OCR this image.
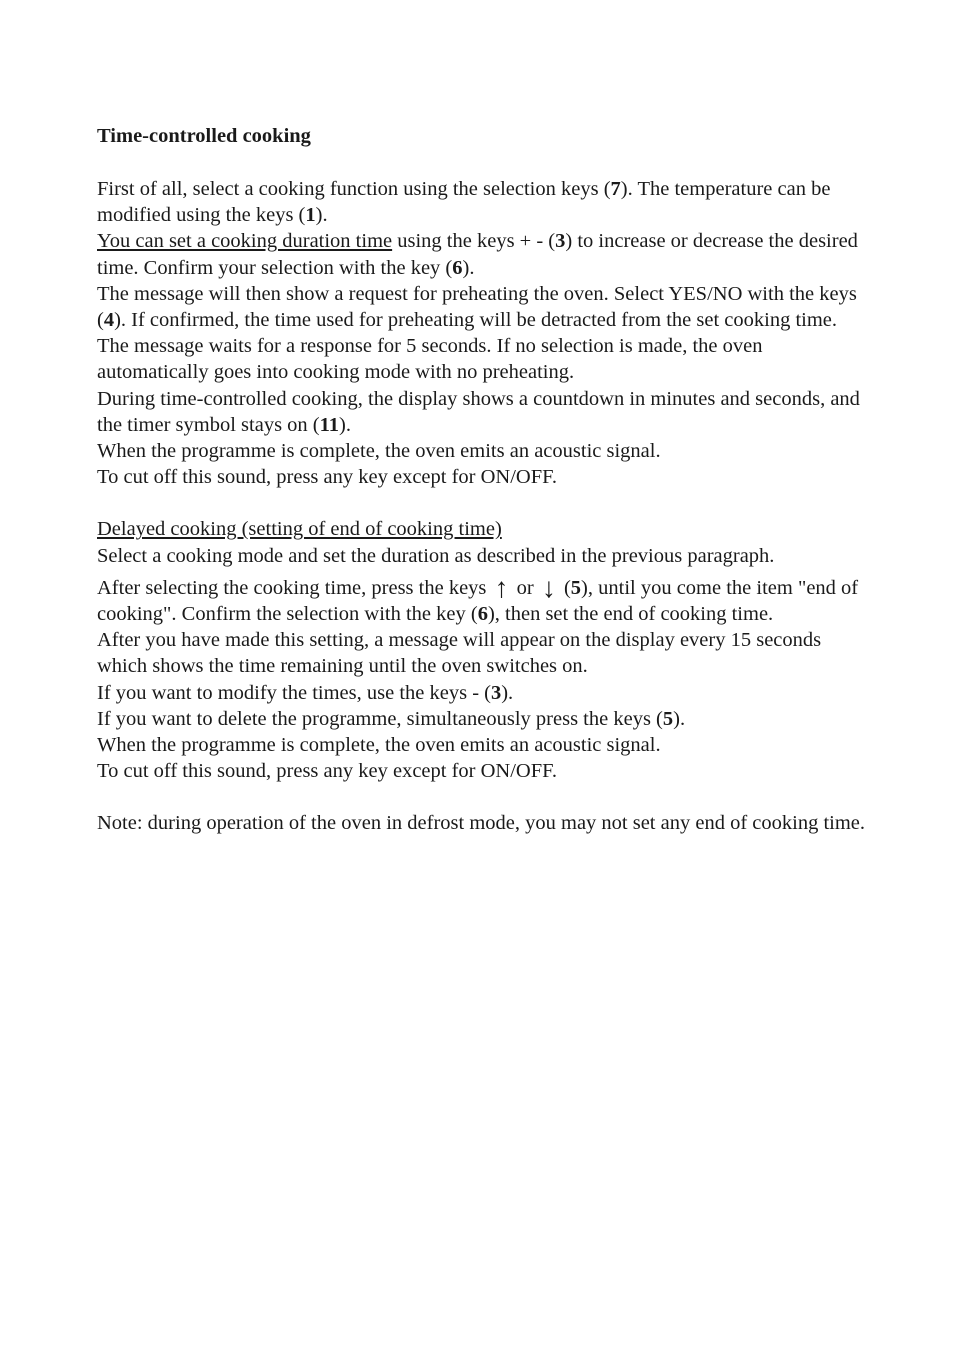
Time-controlled cooking

First of all, select a cooking function using the selection keys (7). The temperature can be modified using the keys (1).

You can set a cooking duration time using the keys + - (3) to increase or decrease the desired time. Confirm your selection with the key (6).

The message will then show a request for preheating the oven. Select YES/NO with the keys (4). If confirmed, the time used for preheating will be detracted from the set cooking time.

The message waits for a response for 5 seconds. If no selection is made, the oven automatically goes into cooking mode with no preheating.

During time-controlled cooking, the display shows a countdown in minutes and seconds, and the timer symbol stays on (11).

When the programme is complete, the oven emits an acoustic signal.

To cut off this sound, press any key except for ON/OFF.

Delayed cooking (setting of end of cooking time)

Select a cooking mode and set the duration as described in the previous paragraph.

After selecting the cooking time, press the keys ↑ or ↓ (5), until you come the item "end of cooking". Confirm the selection with the key (6), then set the end of cooking time.

After you have made this setting, a message will appear on the display every 15 seconds which shows the time remaining until the oven switches on.

If you want to modify the times, use the keys - (3).

If you want to delete the programme, simultaneously press the keys (5).

When the programme is complete, the oven emits an acoustic signal.

To cut off this sound, press any key except for ON/OFF.

Note: during operation of the oven in defrost mode, you may not set any end of cooking time.
